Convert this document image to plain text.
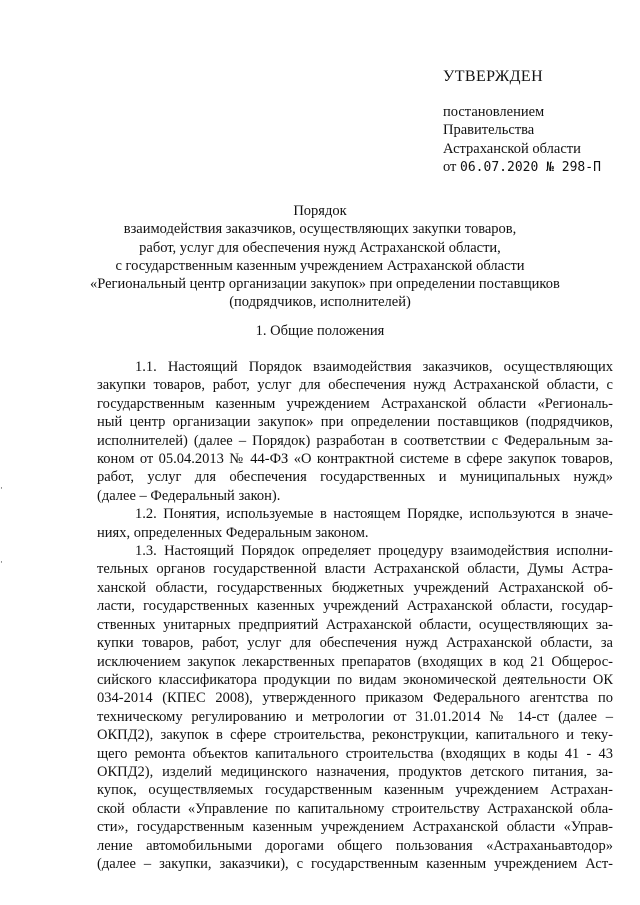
УТВЕРЖДЕН
постановлением
Правительства
Астраханской области
от 06.07.2020 № 298-П
Порядок
взаимодействия заказчиков, осуществляющих закупки товаров,
работ, услуг для обеспечения нужд Астраханской области,
с государственным казенным учреждением Астраханской области
«Региональный центр организации закупок» при определении поставщиков
(подрядчиков, исполнителей)
1. Общие положения
·
·
1.1. Настоящий Порядок взаимодействия заказчиков, осуществляющих
закупки товаров, работ, услуг для обеспечения нужд Астраханской области, с
государственным казенным учреждением Астраханской области «Региональ-
ный центр организации закупок» при определении поставщиков (подрядчиков,
исполнителей) (далее – Порядок) разработан в соответствии с Федеральным за-
коном от 05.04.2013 № 44-ФЗ «О контрактной системе в сфере закупок товаров,
работ, услуг для обеспечения государственных и муниципальных нужд»
(далее – Федеральный закон).
1.2. Понятия, используемые в настоящем Порядке, используются в значе-
ниях, определенных Федеральным законом.
1.3. Настоящий Порядок определяет процедуру взаимодействия исполни-
тельных органов государственной власти Астраханской области, Думы Астра-
ханской области, государственных бюджетных учреждений Астраханской об-
ласти, государственных казенных учреждений Астраханской области, государ-
ственных унитарных предприятий Астраханской области, осуществляющих за-
купки товаров, работ, услуг для обеспечения нужд Астраханской области, за
исключением закупок лекарственных препаратов (входящих в код 21 Общерос-
сийского классификатора продукции по видам экономической деятельности ОК
034-2014 (КПЕС 2008), утвержденного приказом Федерального агентства по
техническому регулированию и метрологии от 31.01.2014 № 14-ст (далее –
ОКПД2), закупок в сфере строительства, реконструкции, капитального и теку-
щего ремонта объектов капитального строительства (входящих в коды 41 - 43
ОКПД2), изделий медицинского назначения, продуктов детского питания, за-
купок, осуществляемых государственным казенным учреждением Астрахан-
ской области «Управление по капитальному строительству Астраханской обла-
сти», государственным казенным учреждением Астраханской области «Управ-
ление автомобильными дорогами общего пользования «Астраханьавтодор»
(далее – закупки, заказчики), с государственным казенным учреждением Аст-
